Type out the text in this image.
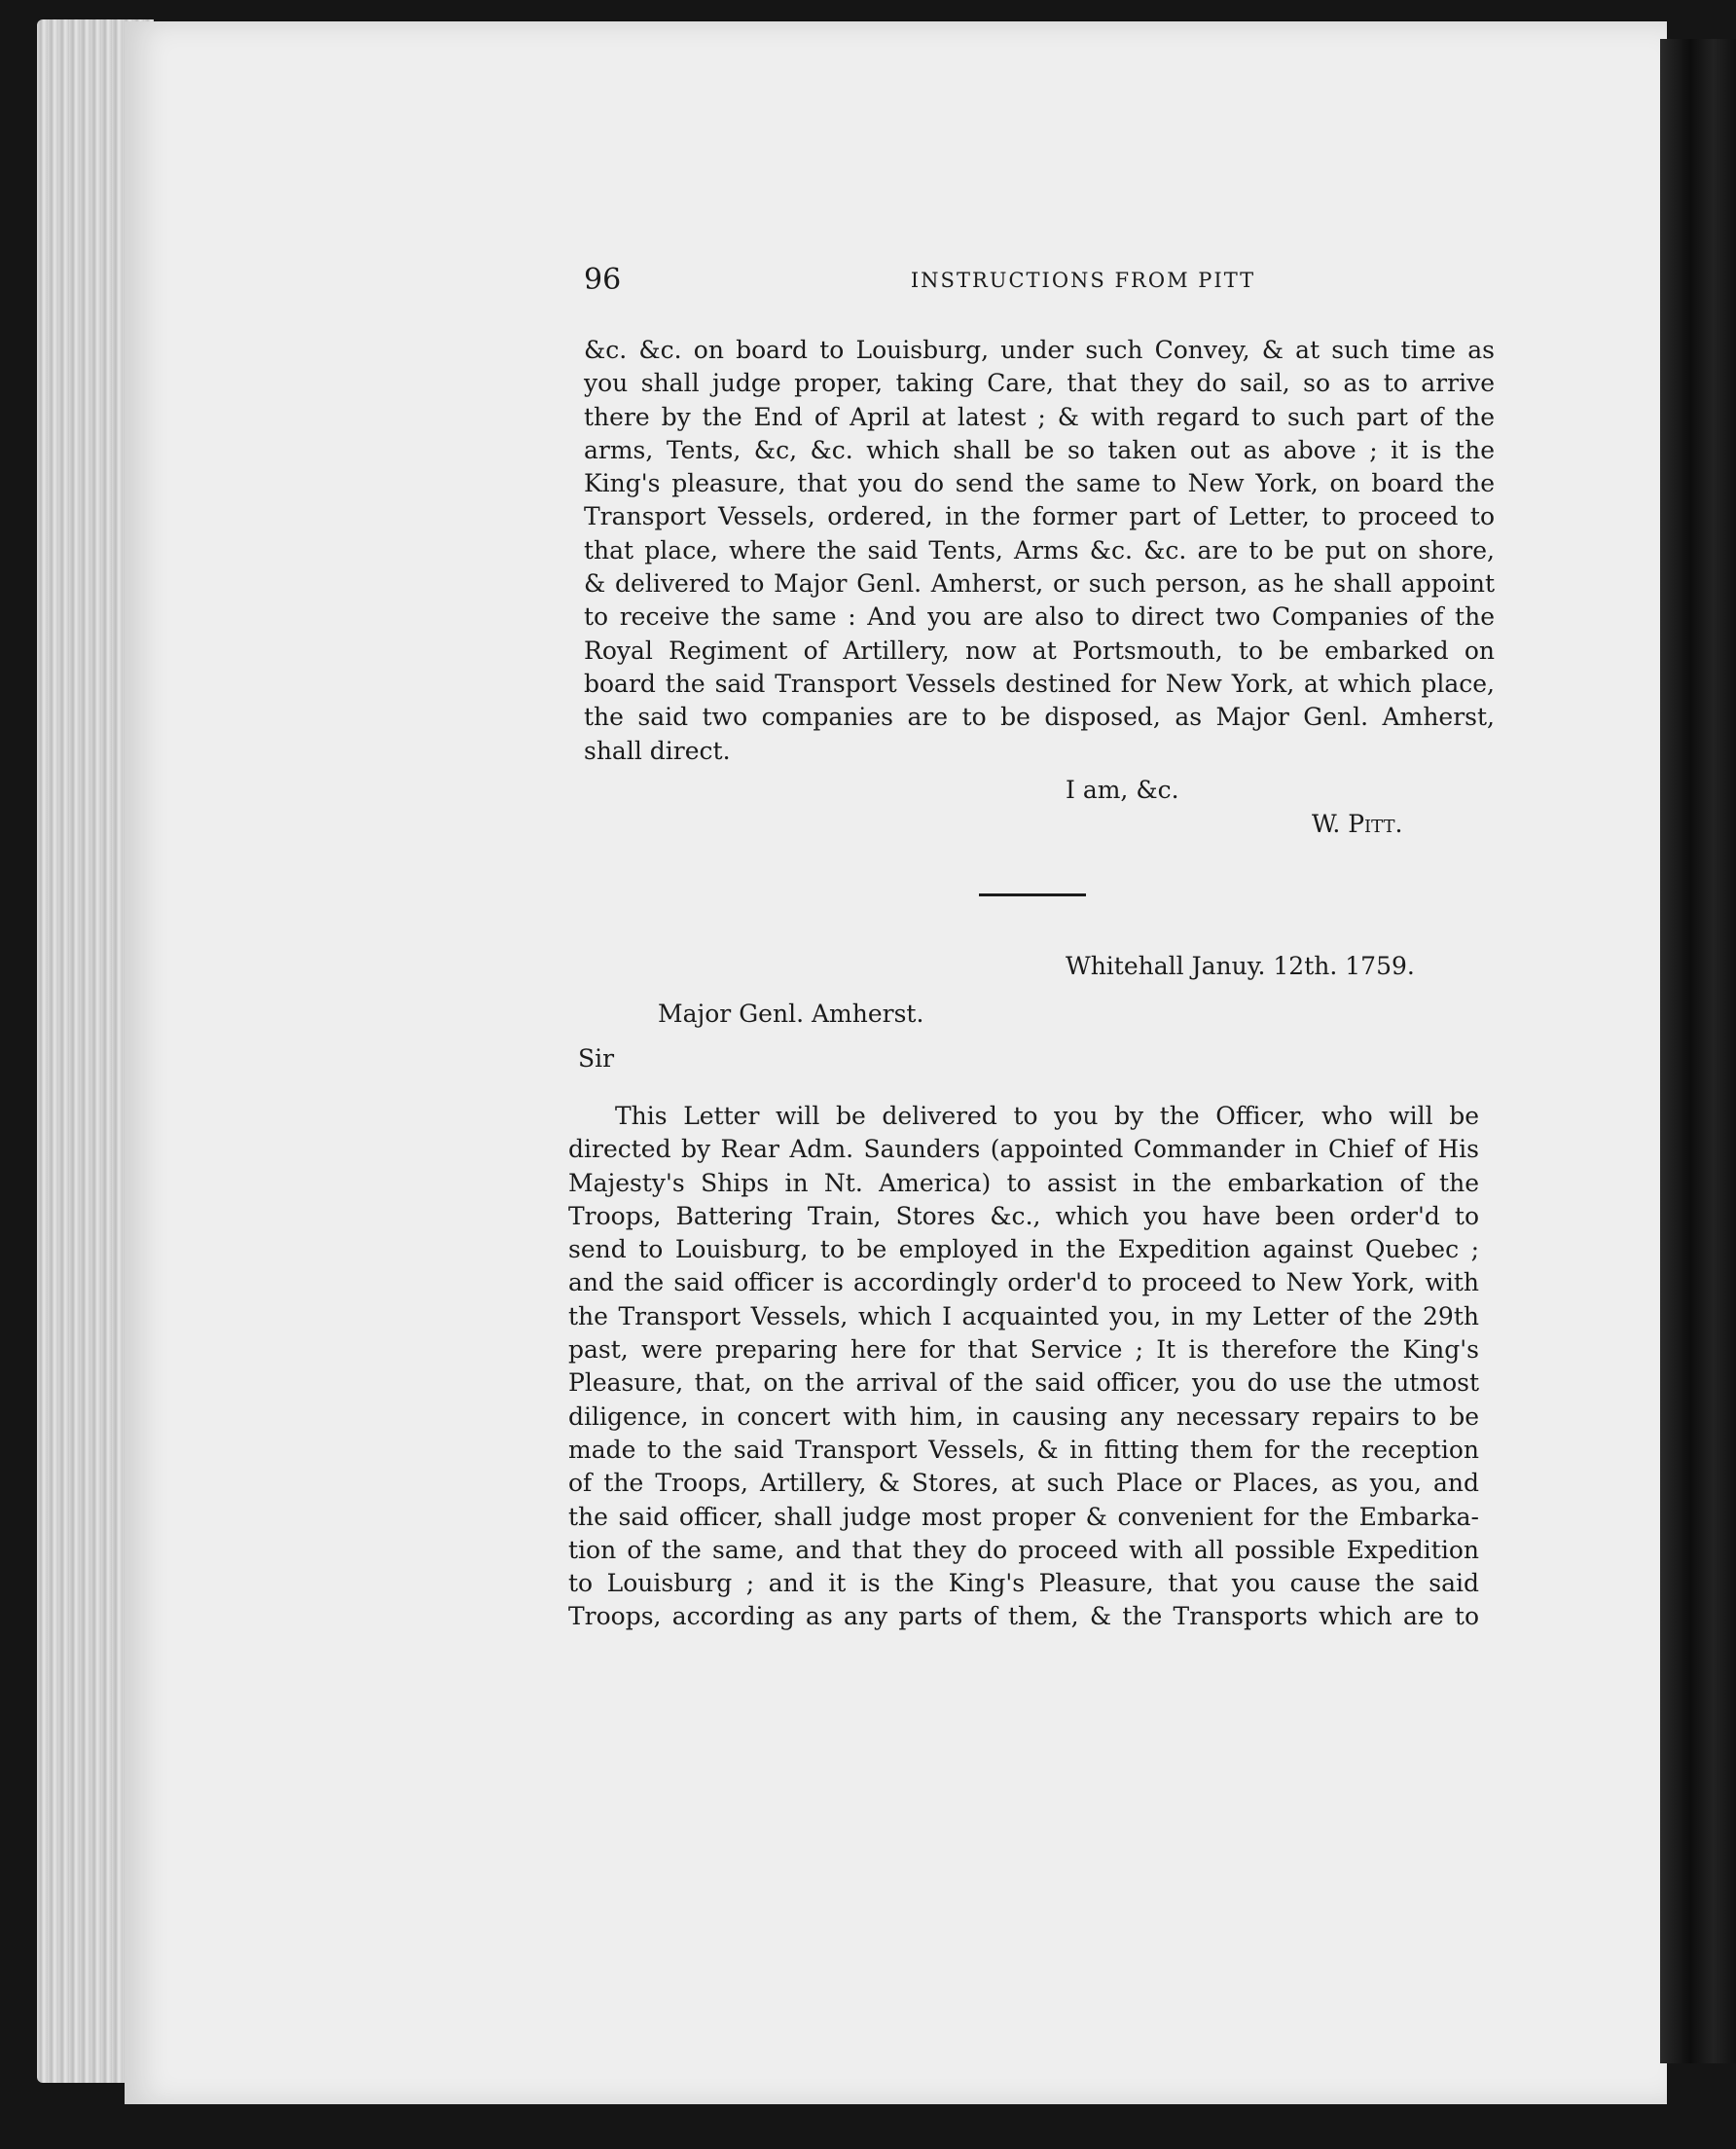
96	INSTRUCTIONS FROM PITT

&c. &c. on board to Louisburg, under such Convey, & at such time as
you shall judge proper, taking Care, that they do sail, so as to arrive
there by the End of April at latest ; & with regard to such part of the
arms, Tents, &c, &c. which shall be so taken out as above ; it is the
King's pleasure, that you do send the same to New York, on board the
Transport Vessels, ordered, in the former part of Letter, to proceed to
that place, where the said Tents, Arms &c. &c. are to be put on shore,
& delivered to Major Genl. Amherst, or such person, as he shall appoint
to receive the same : And you are also to direct two Companies of the
Royal Regiment of Artillery, now at Portsmouth, to be embarked on
board the said Transport Vessels destined for New York, at which place,
the said two companies are to be disposed, as Major Genl. Amherst,
shall direct.

I am, &c.
W. Pitt.
Whitehall Januy. 12th. 1759.
Major Genl. Amherst.
Sir

This Letter will be delivered to you by the Officer, who will be
directed by Rear Adm. Saunders (appointed Commander in Chief of His
Majesty's Ships in Nt. America) to assist in the embarkation of the
Troops, Battering Train, Stores &c., which you have been order'd to
send to Louisburg, to be employed in the Expedition against Quebec ;
and the said officer is accordingly order'd to proceed to New York, with
the Transport Vessels, which I acquainted you, in my Letter of the 29th
past, were preparing here for that Service ; It is therefore the King's
Pleasure, that, on the arrival of the said officer, you do use the utmost
diligence, in concert with him, in causing any necessary repairs to be
made to the said Transport Vessels, & in fitting them for the reception
of the Troops, Artillery, & Stores, at such Place or Places, as you, and
the said officer, shall judge most proper & convenient for the Embarka-
tion of the same, and that they do proceed with all possible Expedition
to Louisburg ; and it is the King's Pleasure, that you cause the said
Troops, according as any parts of them, & the Transports which are to
